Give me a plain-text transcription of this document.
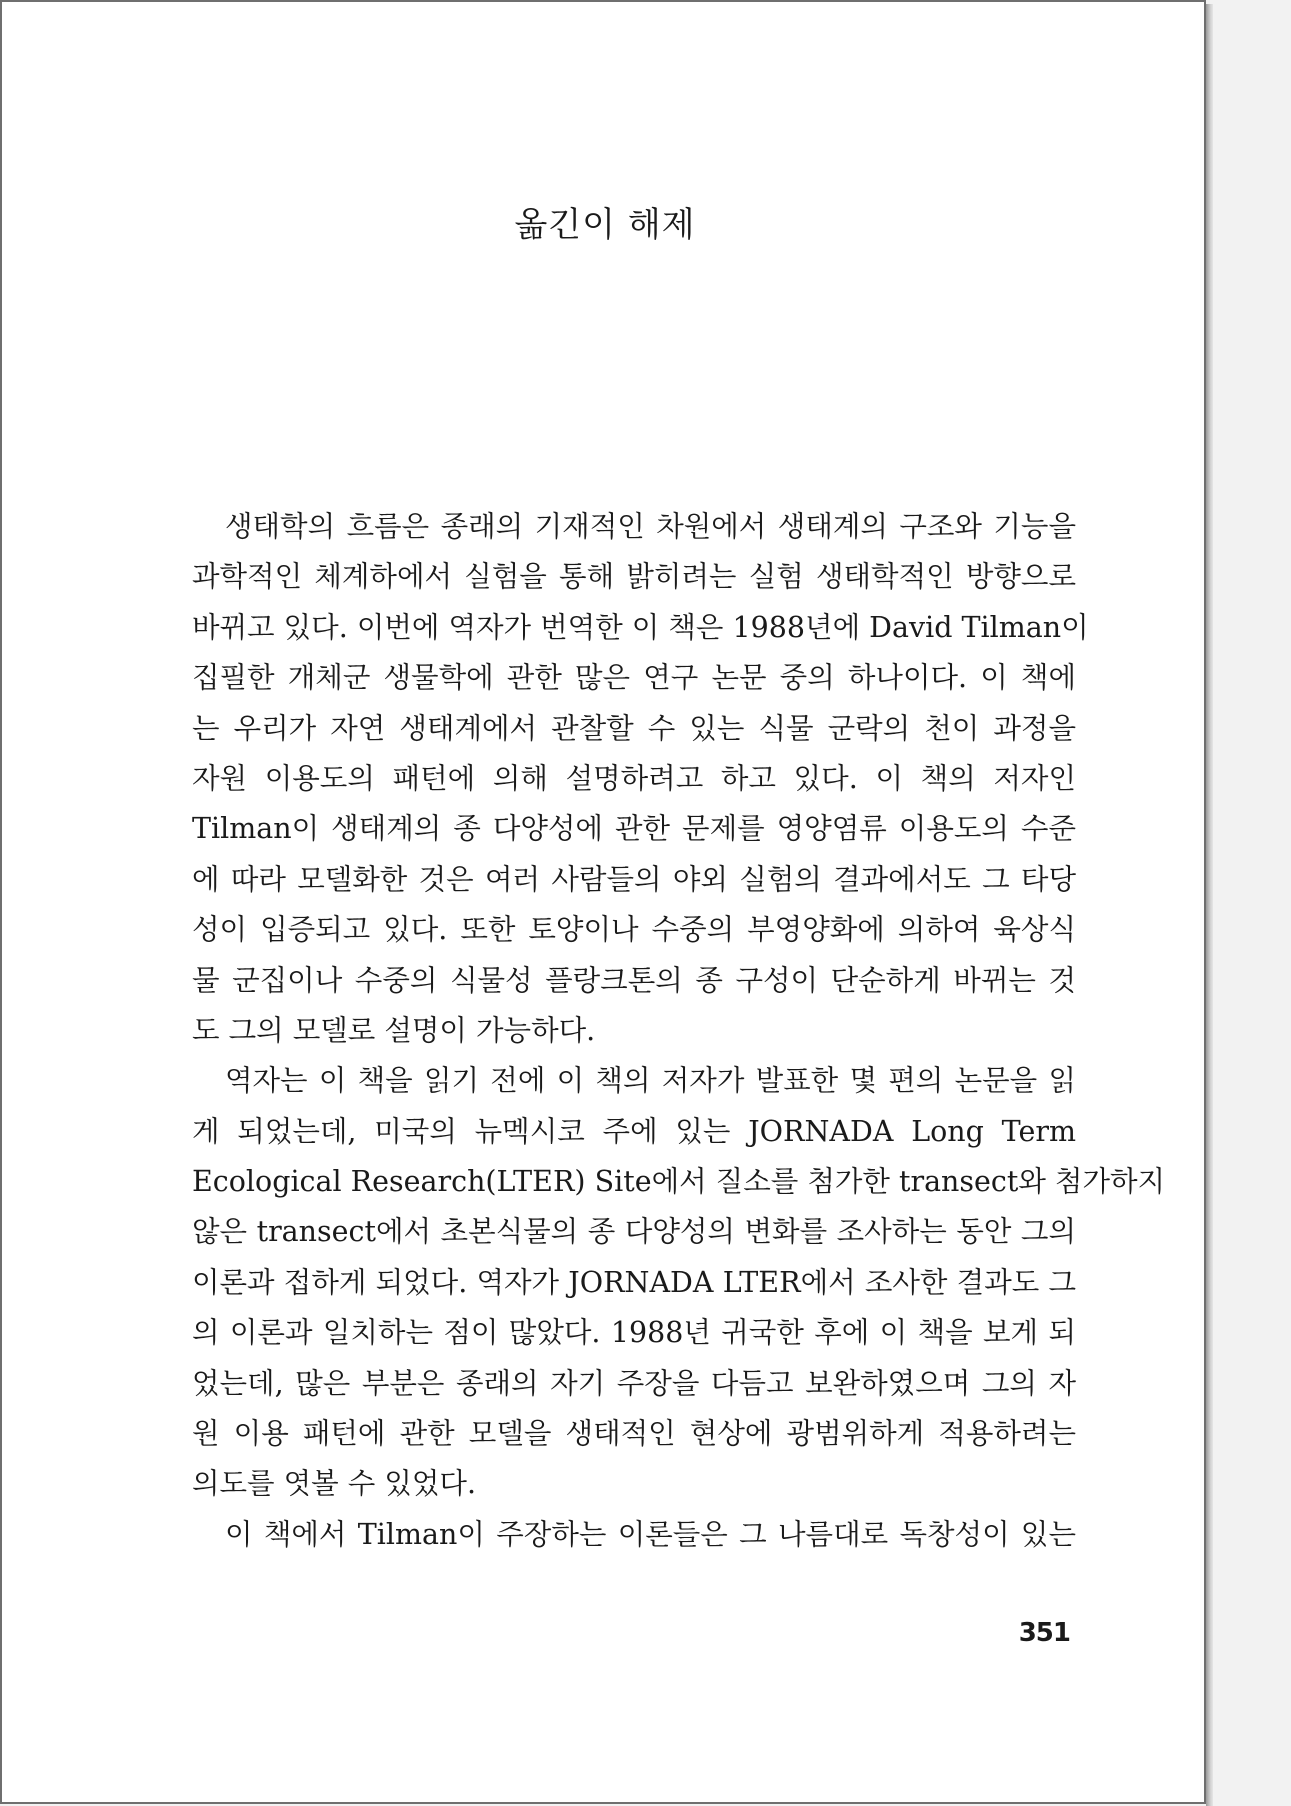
옮긴이 해제
생태학의 흐름은 종래의 기재적인 차원에서 생태계의 구조와 기능을
과학적인 체계하에서 실험을 통해 밝히려는 실험 생태학적인 방향으로
바뀌고 있다. 이번에 역자가 번역한 이 책은 1988년에 David Tilman이
집필한 개체군 생물학에 관한 많은 연구 논문 중의 하나이다. 이 책에
는 우리가 자연 생태계에서 관찰할 수 있는 식물 군락의 천이 과정을
자원 이용도의 패턴에 의해 설명하려고 하고 있다. 이 책의 저자인
Tilman이 생태계의 종 다양성에 관한 문제를 영양염류 이용도의 수준
에 따라 모델화한 것은 여러 사람들의 야외 실험의 결과에서도 그 타당
성이 입증되고 있다. 또한 토양이나 수중의 부영양화에 의하여 육상식
물 군집이나 수중의 식물성 플랑크톤의 종 구성이 단순하게 바뀌는 것
도 그의 모델로 설명이 가능하다.
역자는 이 책을 읽기 전에 이 책의 저자가 발표한 몇 편의 논문을 읽
게 되었는데, 미국의 뉴멕시코 주에 있는 JORNADA Long Term
Ecological Research(LTER) Site에서 질소를 첨가한 transect와 첨가하지
않은 transect에서 초본식물의 종 다양성의 변화를 조사하는 동안 그의
이론과 접하게 되었다. 역자가 JORNADA LTER에서 조사한 결과도 그
의 이론과 일치하는 점이 많았다. 1988년 귀국한 후에 이 책을 보게 되
었는데, 많은 부분은 종래의 자기 주장을 다듬고 보완하였으며 그의 자
원 이용 패턴에 관한 모델을 생태적인 현상에 광범위하게 적용하려는
의도를 엿볼 수 있었다.
이 책에서 Tilman이 주장하는 이론들은 그 나름대로 독창성이 있는
351
